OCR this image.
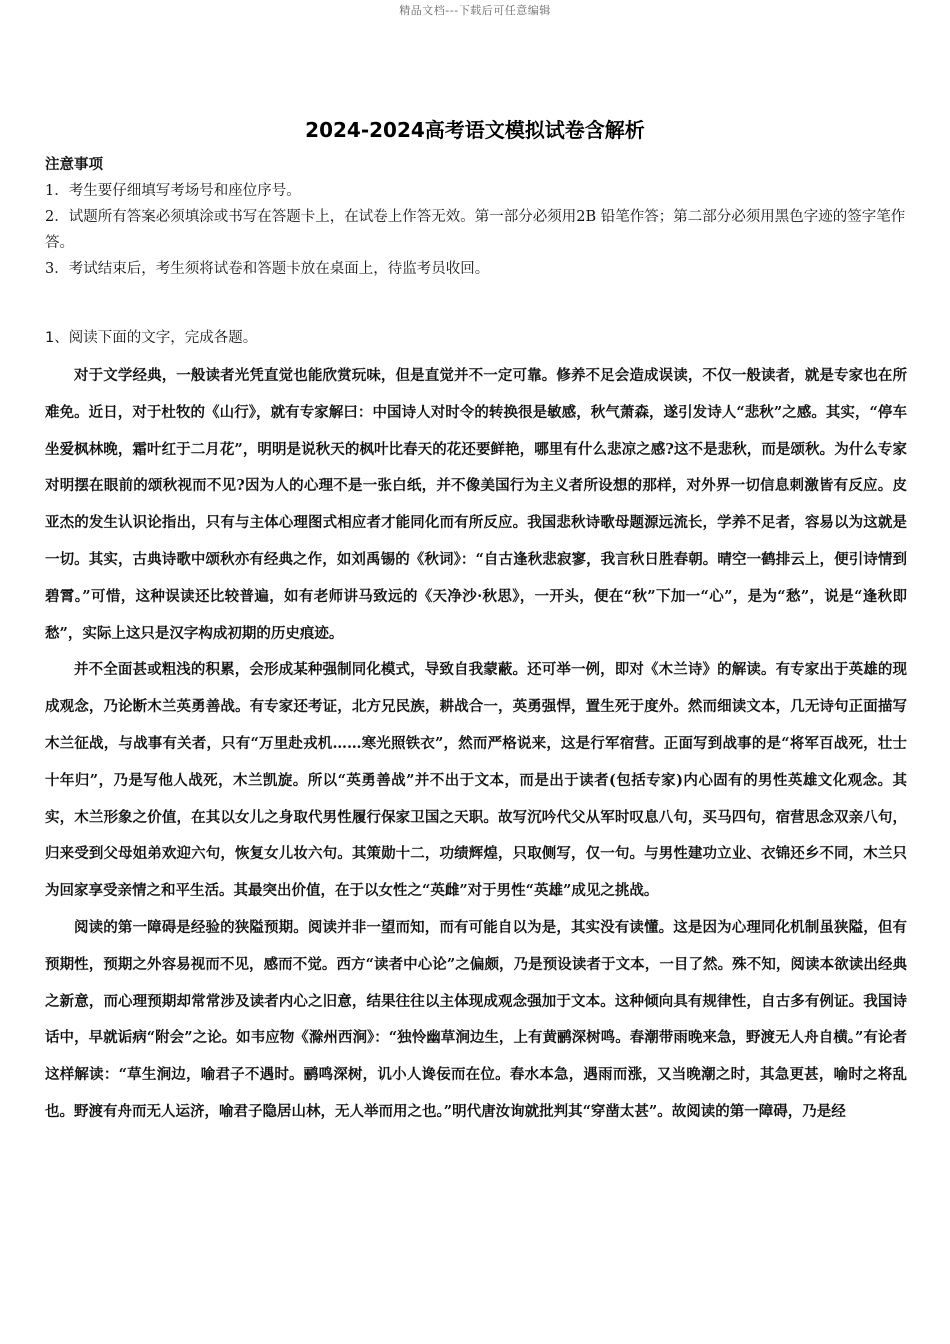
精品文档---下载后可任意编辑
2024-2024高考语文模拟试卷含解析

注意事项

1．考生要仔细填写考场号和座位序号。

2．试题所有答案必须填涂或书写在答题卡上，在试卷上作答无效。第一部分必须用2B 铅笔作答；第二部分必须用黑色字迹的签字笔作答。

3．考试结束后，考生须将试卷和答题卡放在桌面上，待监考员收回。

1、阅读下面的文字，完成各题。

对于文学经典，一般读者光凭直觉也能欣赏玩味，但是直觉并不一定可靠。修养不足会造成误读，不仅一般读者，就是专家也在所难免。近日，对于杜牧的《山行》，就有专家解曰：中国诗人对时令的转换很是敏感，秋气萧森，遂引发诗人“悲秋”之感。其实，“停车坐爱枫林晚，霜叶红于二月花”，明明是说秋天的枫叶比春天的花还要鲜艳，哪里有什么悲凉之感?这不是悲秋，而是颂秋。为什么专家对明摆在眼前的颂秋视而不见?因为人的心理不是一张白纸，并不像美国行为主义者所设想的那样，对外界一切信息刺激皆有反应。皮亚杰的发生认识论指出，只有与主体心理图式相应者才能同化而有所反应。我国悲秋诗歌母题源远流长，学养不足者，容易以为这就是一切。其实，古典诗歌中颂秋亦有经典之作，如刘禹锡的《秋词》：“自古逢秋悲寂寥，我言秋日胜春朝。晴空一鹤排云上，便引诗情到碧霄。”可惜，这种误读还比较普遍，如有老师讲马致远的《天净沙·秋思》，一开头，便在“秋”下加一“心”，是为“愁”，说是“逢秋即愁”，实际上这只是汉字构成初期的历史痕迹。

并不全面甚或粗浅的积累，会形成某种强制同化模式，导致自我蒙蔽。还可举一例，即对《木兰诗》的解读。有专家出于英雄的现成观念，乃论断木兰英勇善战。有专家还考证，北方兄民族，耕战合一，英勇强悍，置生死于度外。然而细读文本，几无诗句正面描写木兰征战，与战事有关者，只有“万里赴戎机……寒光照铁衣”，然而严格说来，这是行军宿营。正面写到战事的是“将军百战死，壮士十年归”，乃是写他人战死，木兰凯旋。所以“英勇善战”并不出于文本，而是出于读者(包括专家)内心固有的男性英雄文化观念。其实，木兰形象之价值，在其以女儿之身取代男性履行保家卫国之天职。故写沉吟代父从军时叹息八句，买马四句，宿营思念双亲八句，归来受到父母姐弟欢迎六句，恢复女儿妆六句。其策勋十二，功绩辉煌，只取侧写，仅一句。与男性建功立业、衣锦还乡不同，木兰只为回家享受亲情之和平生活。其最突出价值，在于以女性之“英雌”对于男性“英雄”成见之挑战。

阅读的第一障碍是经验的狭隘预期。阅读并非一望而知，而有可能自以为是，其实没有读懂。这是因为心理同化机制虽狭隘，但有预期性，预期之外容易视而不见，感而不觉。西方“读者中心论”之偏颇，乃是预设读者于文本，一目了然。殊不知，阅读本欲读出经典之新意，而心理预期却常常涉及读者内心之旧意，结果往往以主体现成观念强加于文本。这种倾向具有规律性，自古多有例证。我国诗话中，早就诟病“附会”之论。如韦应物《滁州西涧》：“独怜幽草涧边生，上有黄鹂深树鸣。春潮带雨晚来急，野渡无人舟自横。”有论者这样解读：“草生涧边，喻君子不遇时。鹂鸣深树，讥小人谗佞而在位。春水本急，遇雨而涨，又当晚潮之时，其急更甚，喻时之将乱也。野渡有舟而无人运济，喻君子隐居山林，无人举而用之也。”明代唐汝询就批判其“穿凿太甚”。故阅读的第一障碍，乃是经
